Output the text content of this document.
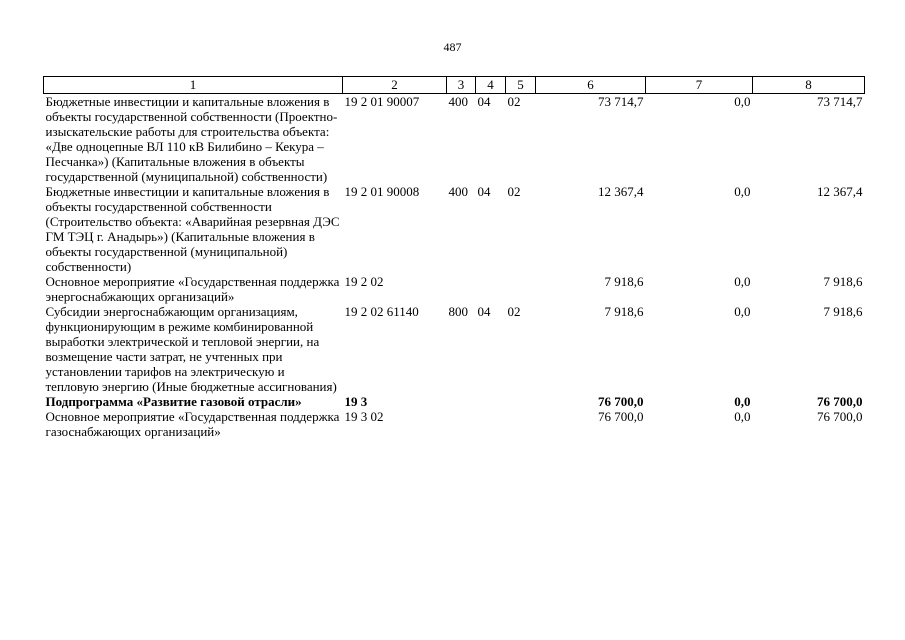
487
1	2	3	4	5	6	7	8
Бюджетные инвестиции и капитальные вложения в объекты государственной собственности (Проектно-изыскательские работы для строительства объекта: «Две одноцепные ВЛ 110 кВ Билибино – Кекура – Песчанка») (Капитальные вложения в объекты государственной (муниципальной) собственности)	19 2 01 90007	400	04	02	73 714,7	0,0	73 714,7
Бюджетные инвестиции и капитальные вложения в объекты государственной собственности (Строительство объекта: «Аварийная резервная ДЭС ГМ ТЭЦ г. Анадырь») (Капитальные вложения в объекты государственной (муниципальной) собственности)	19 2 01 90008	400	04	02	12 367,4	0,0	12 367,4
Основное мероприятие «Государственная поддержка энергоснабжающих организаций»	19 2 02				7 918,6	0,0	7 918,6
Субсидии энергоснабжающим организациям, функционирующим в режиме комбинированной выработки электрической и тепловой энергии, на возмещение части затрат, не учтенных при установлении тарифов на электрическую и тепловую энергию (Иные бюджетные ассигнования)	19 2 02 61140	800	04	02	7 918,6	0,0	7 918,6
Подпрограмма «Развитие газовой отрасли»	19 3				76 700,0	0,0	76 700,0
Основное мероприятие «Государственная поддержка газоснабжающих организаций»	19 3 02				76 700,0	0,0	76 700,0
